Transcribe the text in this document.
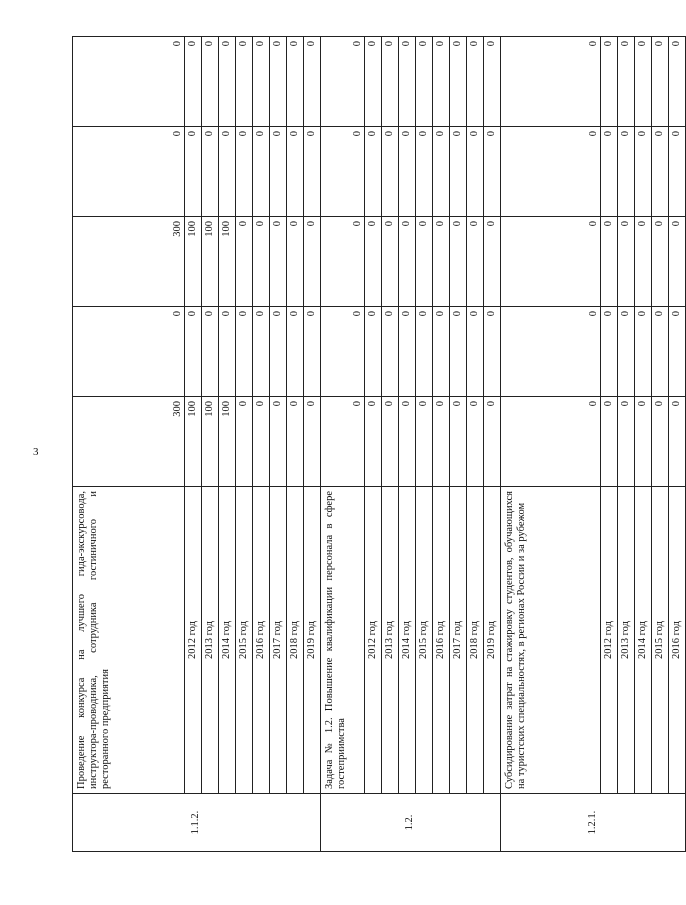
3
1.1.2.	Проведение конкурса на лучшего гида-экскурсовода, инструктора-проводника, сотрудника гостиничного и ресторанного предприятия	300	0	300	0	0
	2012 год	100	0	100	0	0
	2013 год	100	0	100	0	0
	2014 год	100	0	100	0	0
	2015 год	0	0	0	0	0
	2016 год	0	0	0	0	0
	2017 год	0	0	0	0	0
	2018 год	0	0	0	0	0
	2019 год	0	0	0	0	0
1.2.	Задача № 1.2. Повышение квалификации персонала в сфере гостеприимства	0	0	0	0	0
	2012 год	0	0	0	0	0
	2013 год	0	0	0	0	0
	2014 год	0	0	0	0	0
	2015 год	0	0	0	0	0
	2016 год	0	0	0	0	0
	2017 год	0	0	0	0	0
	2018 год	0	0	0	0	0
	2019 год	0	0	0	0	0
1.2.1.	Субсидирование затрат на стажировку студентов, обучающихся на туристских специальностях, в регионах России и за рубежом	0	0	0	0	0
	2012 год	0	0	0	0	0
	2013 год	0	0	0	0	0
	2014 год	0	0	0	0	0
	2015 год	0	0	0	0	0
	2016 год	0	0	0	0	0
